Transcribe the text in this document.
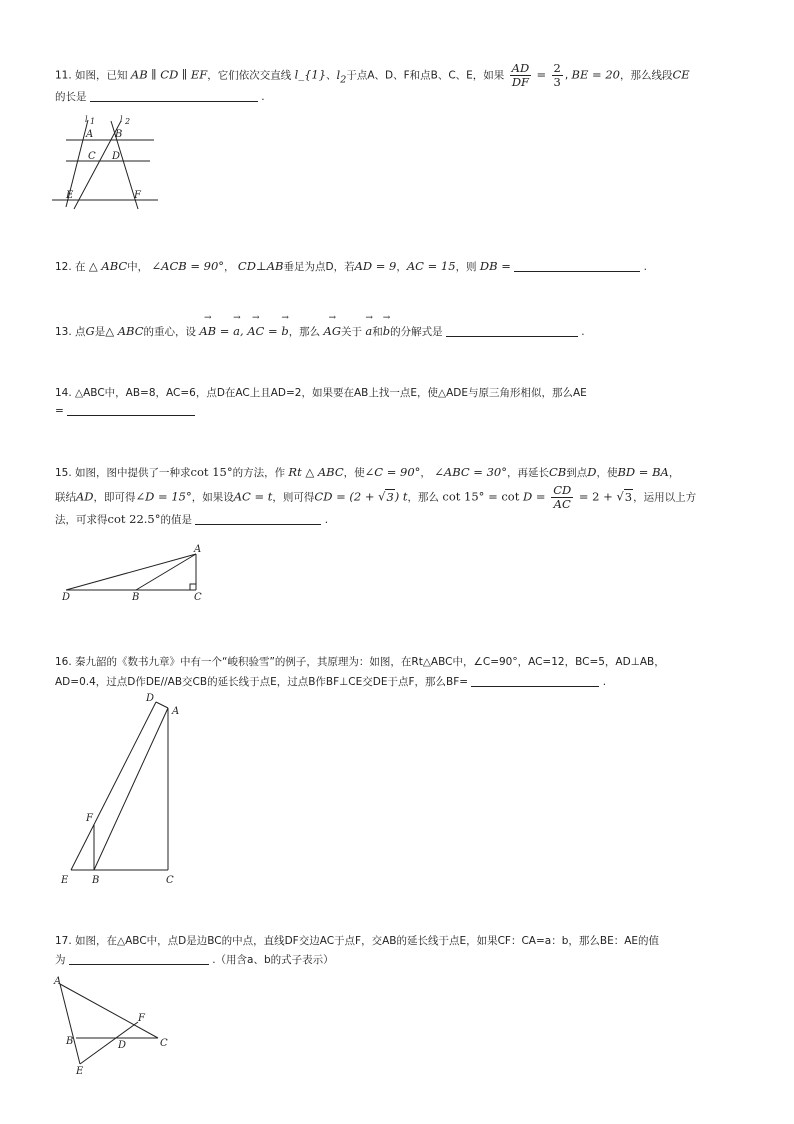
11. 如图，已知 AB ∥ CD ∥ EF，它们依次交直线 l_{1}、$l_2$于点A、D、F和点B、C、E，如果 $\frac{AD}{DF} = \frac{2}{3}$ , BE = 20，那么线段CE
的长是	.
l 1	l 2
A B
C D
E	F
12. 在 △ ABC中， ∠ACB = 90°， CD⊥AB垂足为点D，若AD = 9，AC = 15，则 DB =	.
13. 点G是△ ABC的重心，设 → AB = → a, → AC = → b，那么 → AG关于 → a和→ b的分解式是	.
14. △ABC中，AB=8，AC=6，点D在AC上且AD=2，如果要在AB上找一点E，使△ADE与原三角形相似，那么AE
=
15. 如图，图中提供了一种求cot 15°的方法，作 Rt △ ABC，使∠C = 90°， ∠ABC = 30°，再延长CB到点D，使BD = BA，
联结AD，即可得∠D = 15°，如果设AC = t，则可得CD = (2 + √3) t，那么 $\cot 15^\circ = \cot D = \frac{CD}{AC} = 2 + √3$，运用以上方
法，可求得cot 22.5°的值是	.
A
D	B	C
16. 秦九韶的《数书九章》中有一个“峻积验雪”的例子，其原理为：如图，在Rt△ABC中，∠C=90°，AC=12，BC=5，AD⊥AB，
AD=0.4，过点D作DE//AB交CB的延长线于点E，过点B作BF⊥CE交DE于点F，那么BF=	.
D
A
F
E B	C
17. 如图，在△ABC中，点D是边BC的中点，直线DF交边AC于点F，交AB的延长线于点E，如果CF：CA=a：b，那么BE：AE的值
为	.（用含a、b的式子表示）
A
B	C
D
F
E
